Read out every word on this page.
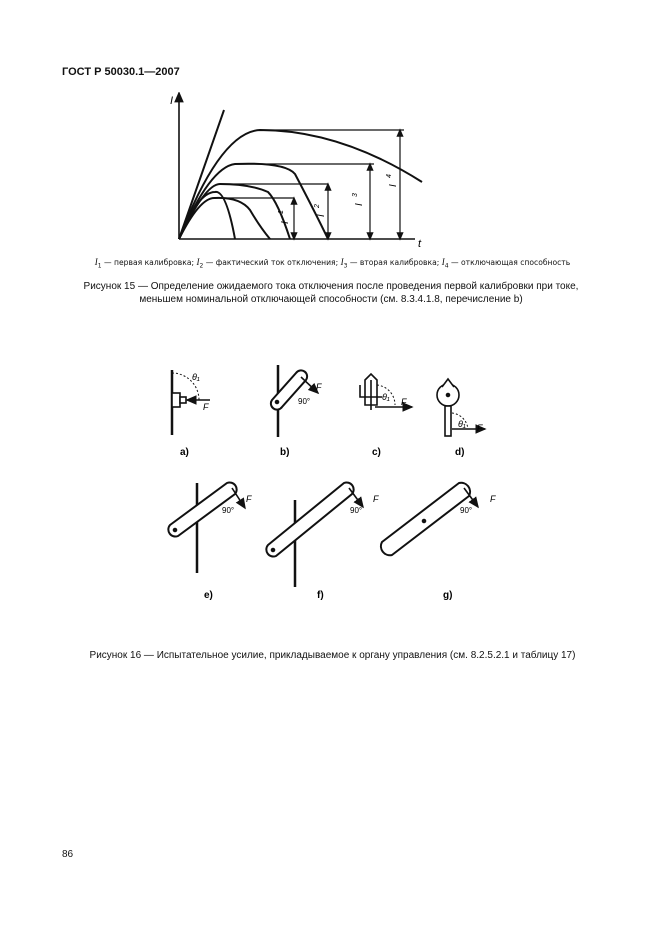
ГОСТ Р 50030.1—2007
I
t
I
1
I
2	I
3
I
4
$I_1$ — первая калибровка; $I_2$ — фактический ток отключения; $I_3$ — вторая калибровка; $I_4$ — отключающая способность
Рисунок 15 — Определение ожидаемого тока отключения после проведения первой калибровки при токе,
меньшем номинальной отключающей способности (см. 8.3.4.1.8, перечисление b)
a)	b)	c)	d)
e)	f)	g)
F
F
F
F
F	F	F
θ₁
θ₁
θ₁
90°
90°	90°	90°
Рисунок 16 — Испытательное усилие, прикладываемое к органу управления (см. 8.2.5.2.1 и таблицу 17)
86
